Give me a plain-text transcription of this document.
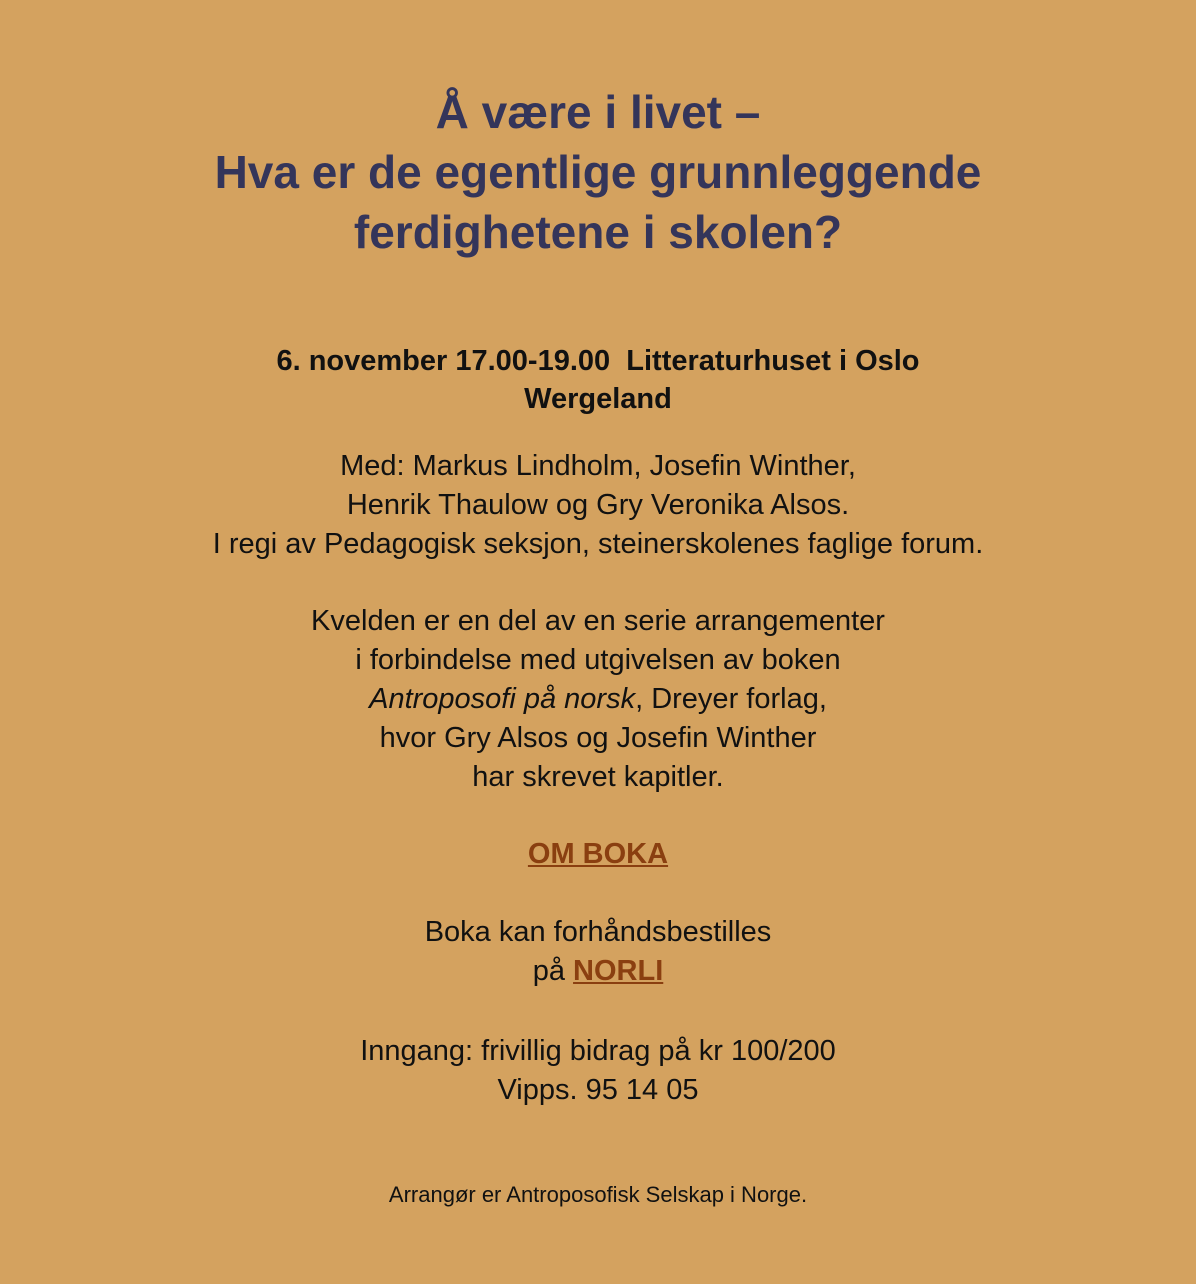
Å være i livet –
Hva er de egentlige grunnleggende
ferdighetene i skolen?
6. november 17.00-19.00  Litteraturhuset i Oslo
Wergeland
Med: Markus Lindholm, Josefin Winther,
Henrik Thaulow og Gry Veronika Alsos.
I regi av Pedagogisk seksjon, steinerskolenes faglige forum.
Kvelden er en del av en serie arrangementer
i forbindelse med utgivelsen av boken
Antroposofi på norsk, Dreyer forlag,
hvor Gry Alsos og Josefin Winther
har skrevet kapitler.
OM BOKA
Boka kan forhåndsbestilles
på NORLI
Inngang: frivillig bidrag på kr 100/200
Vipps. 95 14 05
Arrangør er Antroposofisk Selskap i Norge.
